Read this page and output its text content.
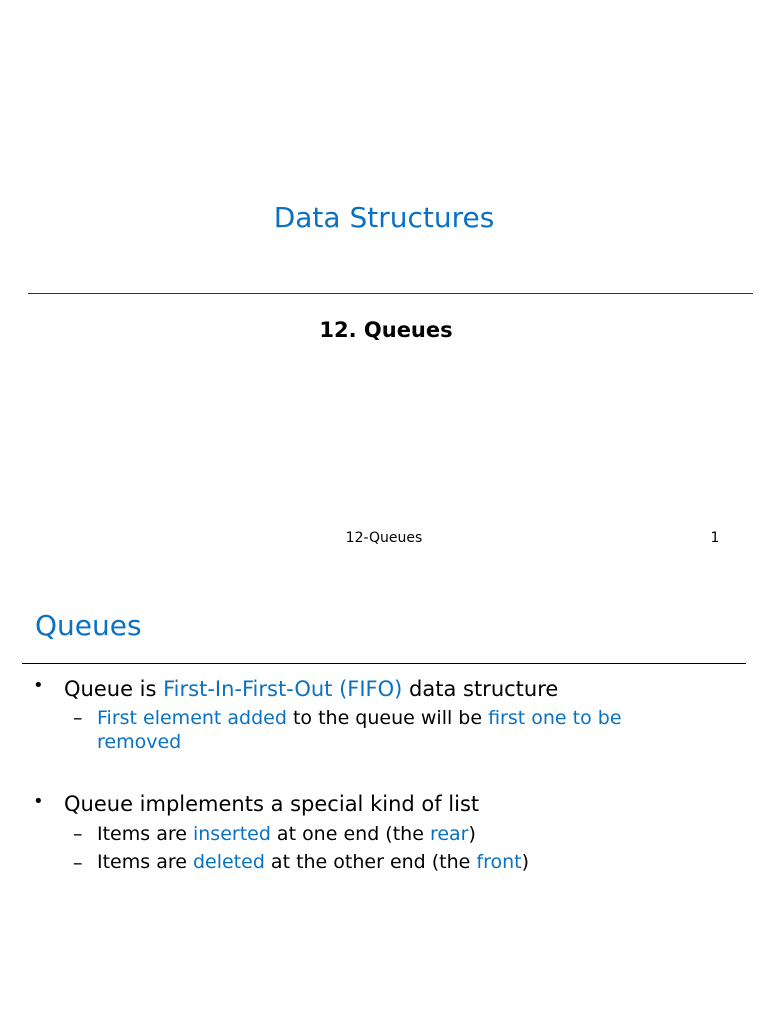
Data Structures
12. Queues
12-Queues	1
Queues
• Queue is First-In-First-Out (FIFO) data structure
– First element added to the queue will be first one to be removed
• Queue implements a special kind of list
– Items are inserted at one end (the rear)
– Items are deleted at the other end (the front)
